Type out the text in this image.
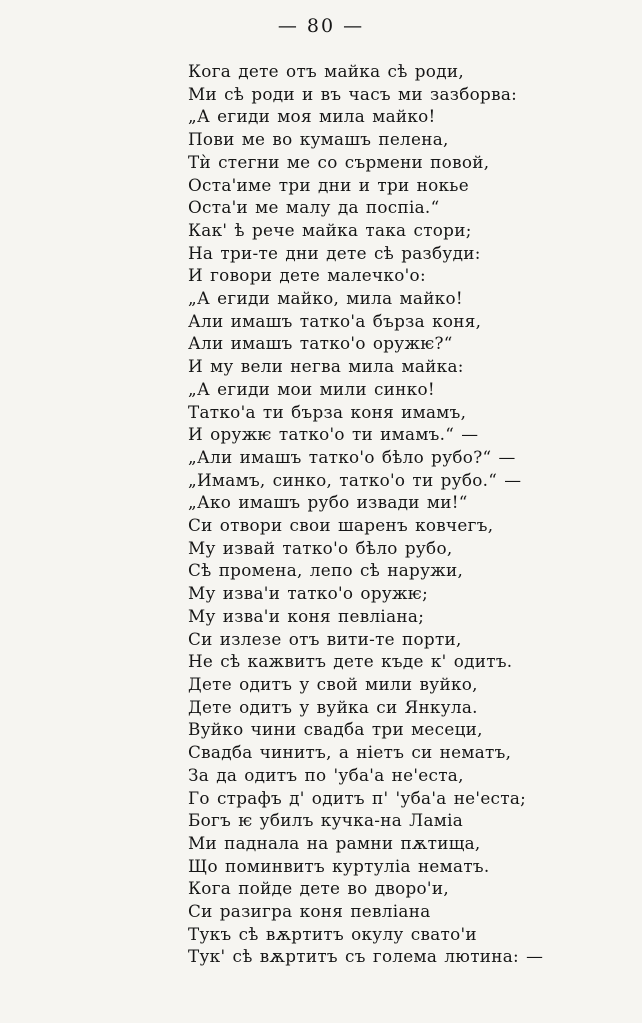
— 80 —
Кога дете отъ майка сѣ роди,
Ми сѣ роди и въ часъ ми зазборва:
„А егиди моя мила майко!
Пови ме во кумашъ пелена,
Тѝ стегни ме со сърмени повой,
Оста'име три дни и три нокье
Оста'и ме малу да поспіа.“
Как' ѣ рече майка така стори;
На три-те дни дете сѣ разбуди:
И говори дете малечко'о:
„А егиди майко, мила майко!
Али имашъ татко'а бърза коня,
Али имашъ татко'о оружѥ?“
И му вели негва мила майка:
„А егиди мои мили синко!
Татко'а ти бърза коня имамъ,
И оружѥ татко'о ти имамъ.“ —
„Али имашъ татко'о бѣло рубо?“ —
„Имамъ, синко, татко'о ти рубо.“ —
„Ако имашъ рубо извади ми!“
Си отвори свои шаренъ ковчегъ,
Му извай татко'о бѣло рубо,
Сѣ промена, лепо сѣ наружи,
Му изва'и татко'о оружѥ;
Му изва'и коня певліана;
Си излезе отъ вити-те порти,
Не сѣ кажвитъ дете къде к' одитъ.
Дете одитъ у свой мили вуйко,
Дете одитъ у вуйка си Янкула.
Вуйко чини свадба три месеци,
Свадба чинитъ, а ніетъ си нематъ,
За да одитъ по 'уба'а не'еста,
Го страфъ д' одитъ п' 'уба'а не'еста;
Богъ ѥ убилъ кучка-на Ламіа
Ми паднала на рамни пѫтища,
Що поминвитъ куртуліа нематъ.
Кога пойде дете во дворо'и,
Си разигра коня певліана
Тукъ сѣ вѫртитъ окулу свато'и
Тук' сѣ вѫртитъ съ голема лютина: —
